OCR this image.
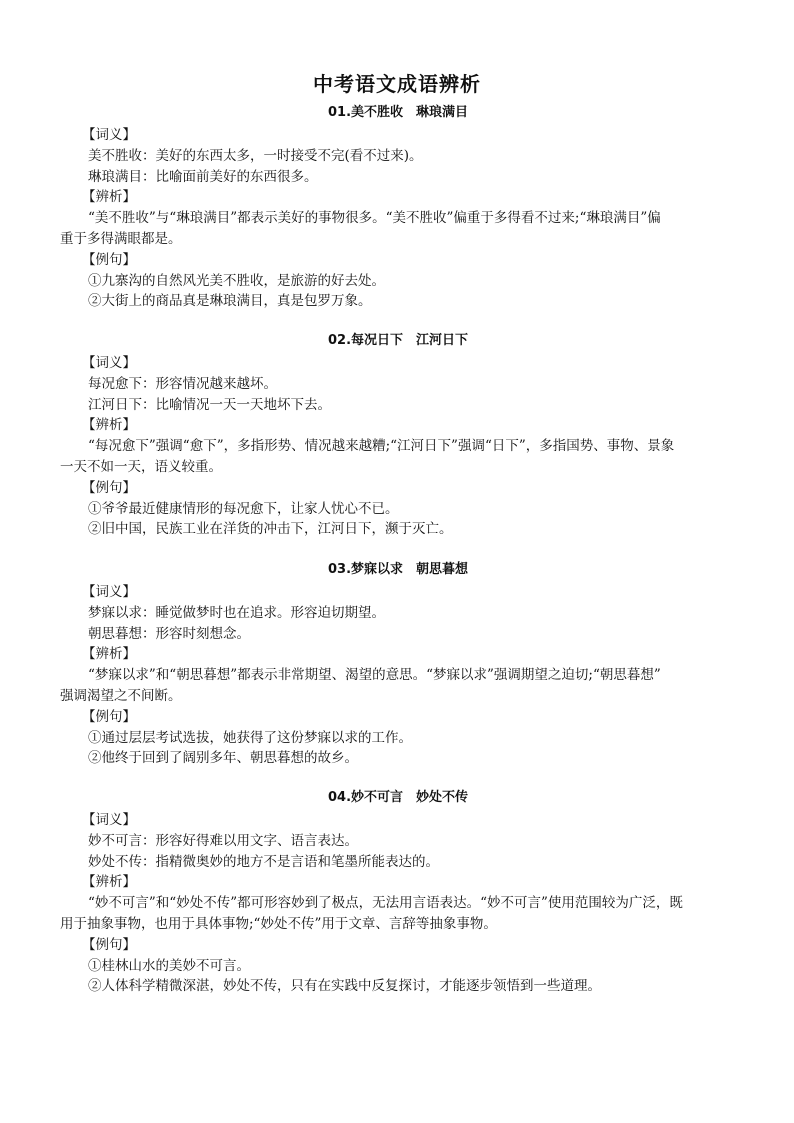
中考语文成语辨析
01.美不胜收　琳琅满目
【词义】
美不胜收：美好的东西太多，一时接受不完(看不过来)。
琳琅满目：比喻面前美好的东西很多。
【辨析】
“美不胜收”与“琳琅满目”都表示美好的事物很多。“美不胜收”偏重于多得看不过来;“琳琅满目”偏
重于多得满眼都是。
【例句】
①九寨沟的自然风光美不胜收，是旅游的好去处。
②大街上的商品真是琳琅满目，真是包罗万象。
02.每况日下　江河日下
【词义】
每况愈下：形容情况越来越坏。
江河日下：比喻情况一天一天地坏下去。
【辨析】
“每况愈下”强调“愈下”，多指形势、情况越来越糟;“江河日下”强调“日下”，多指国势、事物、景象
一天不如一天，语义较重。
【例句】
①爷爷最近健康情形的每况愈下，让家人忧心不已。
②旧中国，民族工业在洋货的冲击下，江河日下，濒于灭亡。
03.梦寐以求　朝思暮想
【词义】
梦寐以求：睡觉做梦时也在追求。形容迫切期望。
朝思暮想：形容时刻想念。
【辨析】
“梦寐以求”和“朝思暮想”都表示非常期望、渴望的意思。“梦寐以求”强调期望之迫切;“朝思暮想”
强调渴望之不间断。
【例句】
①通过层层考试选拔，她获得了这份梦寐以求的工作。
②他终于回到了阔别多年、朝思暮想的故乡。
04.妙不可言　妙处不传
【词义】
妙不可言：形容好得难以用文字、语言表达。
妙处不传：指精微奥妙的地方不是言语和笔墨所能表达的。
【辨析】
“妙不可言”和“妙处不传”都可形容妙到了极点，无法用言语表达。“妙不可言”使用范围较为广泛，既
用于抽象事物，也用于具体事物;“妙处不传”用于文章、言辞等抽象事物。
【例句】
①桂林山水的美妙不可言。
②人体科学精微深湛，妙处不传，只有在实践中反复探讨，才能逐步领悟到一些道理。
